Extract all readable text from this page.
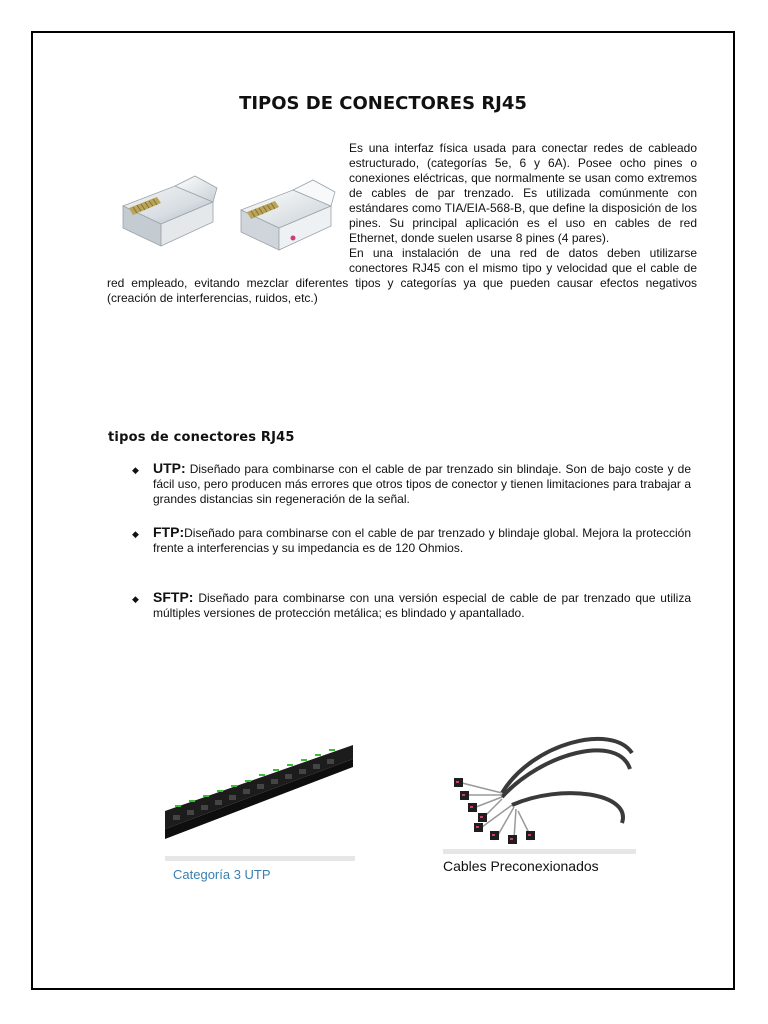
TIPOS DE CONECTORES RJ45

Es una interfaz física usada para conectar redes de cableado estructurado, (categorías 5e, 6 y 6A). Posee ocho pines o conexiones eléctricas, que normalmente se usan como extremos de cables de par trenzado. Es utilizada comúnmente con estándares como TIA/EIA-568-B, que define la disposición de los pines. Su principal aplicación es el uso en cables de red Ethernet, donde suelen usarse 8 pines (4 pares).

En una instalación de una red de datos deben utilizarse conectores RJ45 con el mismo tipo y velocidad que el cable de red empleado, evitando mezclar diferentes tipos y categorías ya que pueden causar efectos negativos (creación de interferencias, ruidos, etc.)

tipos de conectores RJ45
◆ UTP: Diseñado para combinarse con el cable de par trenzado sin blindaje. Son de bajo coste y de fácil uso, pero producen más errores que otros tipos de conector y tienen limitaciones para trabajar a grandes distancias sin regeneración de la señal.
◆ FTP:Diseñado para combinarse con el cable de par trenzado y blindaje global. Mejora la protección frente a interferencias y su impedancia es de 120 Ohmios.
◆ SFTP: Diseñado para combinarse con una versión especial de cable de par trenzado que utiliza múltiples versiones de protección metálica; es blindado y apantallado.
Categoría 3 UTP
Cables Preconexionados
